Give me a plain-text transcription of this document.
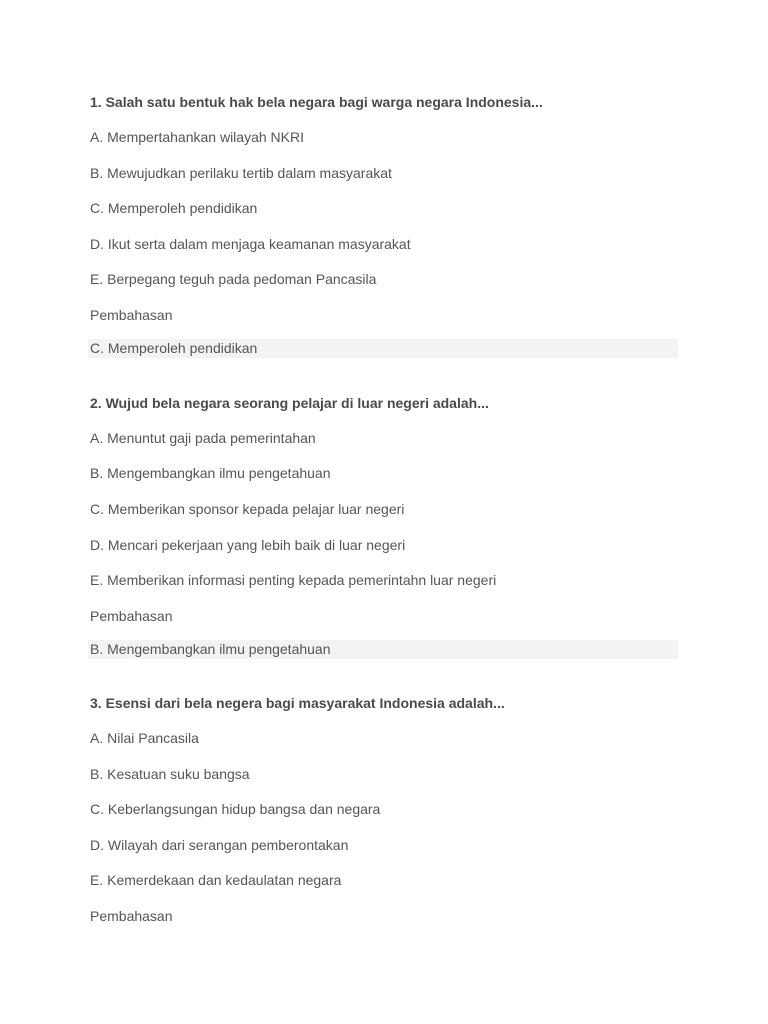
1. Salah satu bentuk hak bela negara bagi warga negara Indonesia...
A. Mempertahankan wilayah NKRI
B. Mewujudkan perilaku tertib dalam masyarakat
C. Memperoleh pendidikan
D. Ikut serta dalam menjaga keamanan masyarakat
E. Berpegang teguh pada pedoman Pancasila
Pembahasan
C. Memperoleh pendidikan
2. Wujud bela negara seorang pelajar di luar negeri adalah...
A. Menuntut gaji pada pemerintahan
B. Mengembangkan ilmu pengetahuan
C. Memberikan sponsor kepada pelajar luar negeri
D. Mencari pekerjaan yang lebih baik di luar negeri
E. Memberikan informasi penting kepada pemerintahn luar negeri
Pembahasan
B. Mengembangkan ilmu pengetahuan
3. Esensi dari bela negera bagi masyarakat Indonesia adalah...
A. Nilai Pancasila
B. Kesatuan suku bangsa
C. Keberlangsungan hidup bangsa dan negara
D. Wilayah dari serangan pemberontakan
E. Kemerdekaan dan kedaulatan negara
Pembahasan
